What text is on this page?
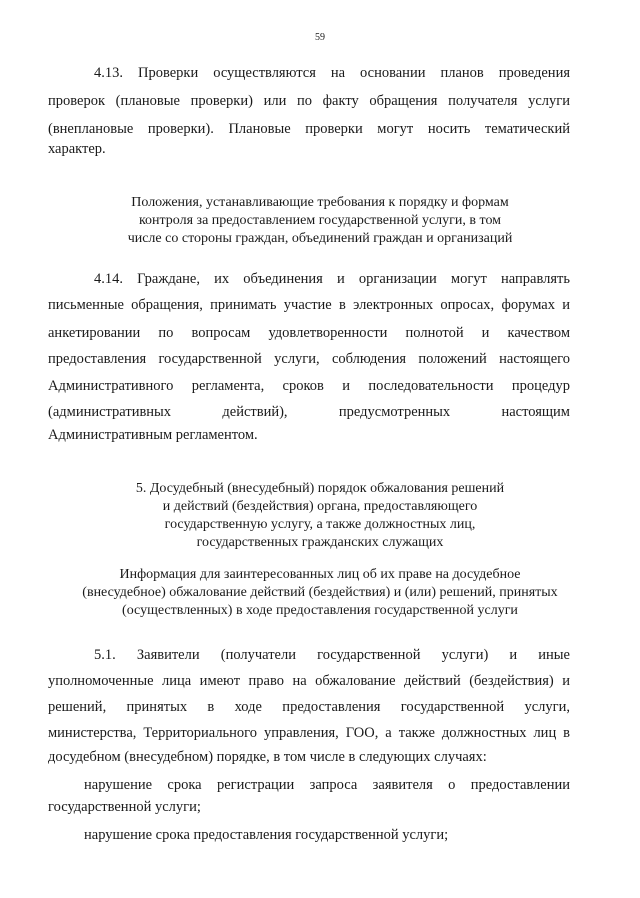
59
4.13. Проверки осуществляются на основании планов проведения
проверок (плановые проверки) или по факту обращения получателя услуги
(внеплановые проверки). Плановые проверки могут носить тематический
характер.
Положения, устанавливающие требования к порядку и формам
контроля за предоставлением государственной услуги, в том
числе со стороны граждан, объединений граждан и организаций
4.14. Граждане, их объединения и организации могут направлять
письменные обращения, принимать участие в электронных опросах, форумах и
анкетировании по вопросам удовлетворенности полнотой и качеством
предоставления государственной услуги, соблюдения положений настоящего
Административного регламента, сроков и последовательности процедур
(административных действий), предусмотренных настоящим
Административным регламентом.
5. Досудебный (внесудебный) порядок обжалования решений
и действий (бездействия) органа, предоставляющего
государственную услугу, а также должностных лиц,
государственных гражданских служащих
Информация для заинтересованных лиц об их праве на досудебное
(внесудебное) обжалование действий (бездействия) и (или) решений, принятых
(осуществленных) в ходе предоставления государственной услуги
5.1. Заявители (получатели государственной услуги) и иные
уполномоченные лица имеют право на обжалование действий (бездействия) и
решений, принятых в ходе предоставления государственной услуги,
министерства, Территориального управления, ГОО, а также должностных лиц в
досудебном (внесудебном) порядке, в том числе в следующих случаях:
нарушение срока регистрации запроса заявителя о предоставлении
государственной услуги;
нарушение срока предоставления государственной услуги;
